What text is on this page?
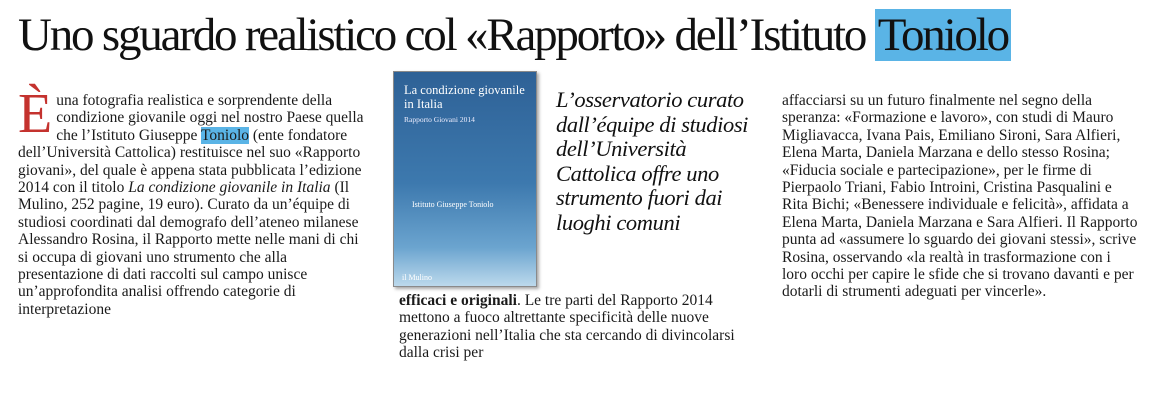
Uno sguardo realistico col «Rapporto» dell’Istituto Toniolo
Èuna fotografia realistica e sorprendente della condizione giovanile oggi nel nostro Paese quella che l’Istituto Giuseppe Toniolo (ente fondatore dell’Università Cattolica) restituisce nel suo «Rapporto giovani», del quale è appena stata pubblicata l’edizione 2014 con il titolo La condizione giovanile in Italia (Il Mulino, 252 pagine, 19 euro). Curato da un’équipe di studiosi coordinati dal demografo dell’ateneo milanese Alessandro Rosina, il Rapporto mette nelle mani di chi si occupa di giovani uno strumento che alla presentazione di dati raccolti sul campo unisce un’approfondita analisi offrendo categorie di interpretazione
La condizione giovanile in Italia
Rapporto Giovani 2014
Istituto Giuseppe Toniolo
il Mulino
L’osservatorio curato dall’équipe di studiosi dell’Università Cattolica offre uno strumento fuori dai luoghi comuni
efficaci e originali. Le tre parti del Rapporto 2014 mettono a fuoco altrettante specificità delle nuove generazioni nell’Italia che sta cercando di divincolarsi dalla crisi per
affacciarsi su un futuro finalmente nel segno della speranza: «Formazione e lavoro», con studi di Mauro Migliavacca, Ivana Pais, Emiliano Sironi, Sara Alfieri, Elena Marta, Daniela Marzana e dello stesso Rosina; «Fiducia sociale e partecipazione», per le firme di Pierpaolo Triani, Fabio Introini, Cristina Pasqualini e Rita Bichi; «Benessere individuale e felicità», affidata a Elena Marta, Daniela Marzana e Sara Alfieri. Il Rapporto punta ad «assumere lo sguardo dei giovani stessi», scrive Rosina, osservando «la realtà in trasformazione con i loro occhi per capire le sfide che si trovano davanti e per dotarli di strumenti adeguati per vincerle».
